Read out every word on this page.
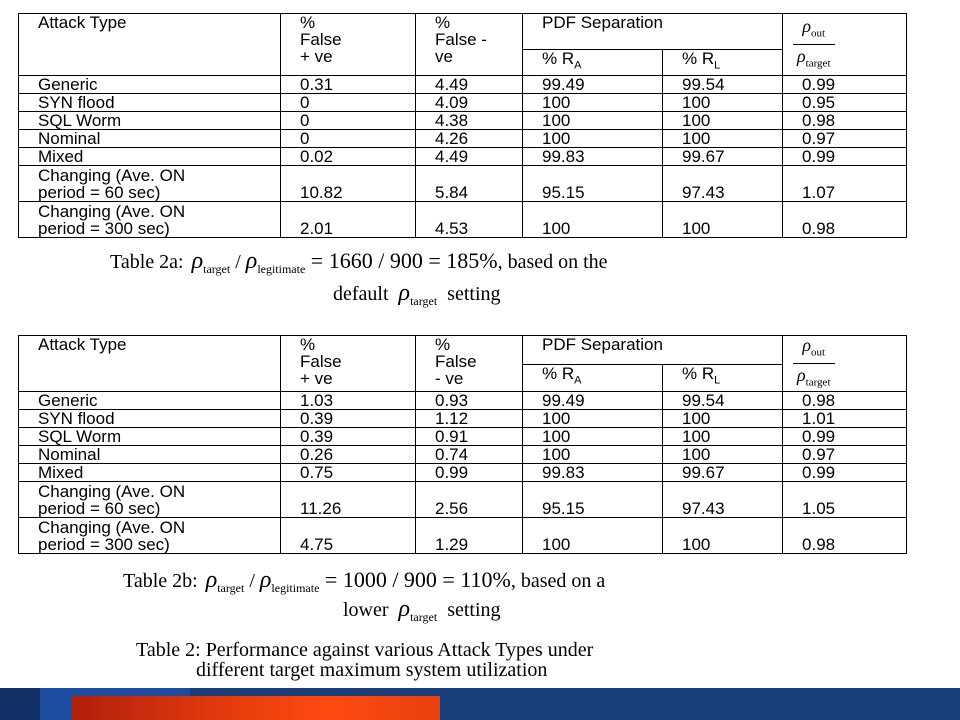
Attack Type	%
False
+ ve	%
False -
ve	PDF Separation		$\frac{\rho_{out}}{\rho_{target}}$

			% $R_A$	% $R_L$

Generic	0.31	4.49	99.49	99.54	0.99

SYN flood	0	4.09	100	100	0.95

SQL Worm	0	4.38	100	100	0.98

Nominal	0	4.26	100	100	0.97

Mixed	0.02	4.49	99.83	99.67	0.99

Changing (Ave. ON
period = 60 sec)	10.82	5.84	95.15	97.43	1.07

Changing (Ave. ON
period = 300 sec)	2.01	4.53	100	100	0.98
Table 2a: $\rho_{target} / \rho_{legitimate} = 1660 / 900 = 185\%$, based on the
default $\rho_{target}$ setting
Attack Type	%
False
+ ve	%
False
- ve	PDF Separation		$\frac{\rho_{out}}{\rho_{target}}$

			% $R_A$	% $R_L$

Generic	1.03	0.93	99.49	99.54	0.98

SYN flood	0.39	1.12	100	100	1.01

SQL Worm	0.39	0.91	100	100	0.99

Nominal	0.26	0.74	100	100	0.97

Mixed	0.75	0.99	99.83	99.67	0.99

Changing (Ave. ON
period = 60 sec)	11.26	2.56	95.15	97.43	1.05

Changing (Ave. ON
period = 300 sec)	4.75	1.29	100	100	0.98
Table 2b: $\rho_{target} / \rho_{legitimate} = 1000 / 900 = 110\%$, based on a
lower $\rho_{target}$ setting
Table 2: Performance against various Attack Types under
different target maximum system utilization
